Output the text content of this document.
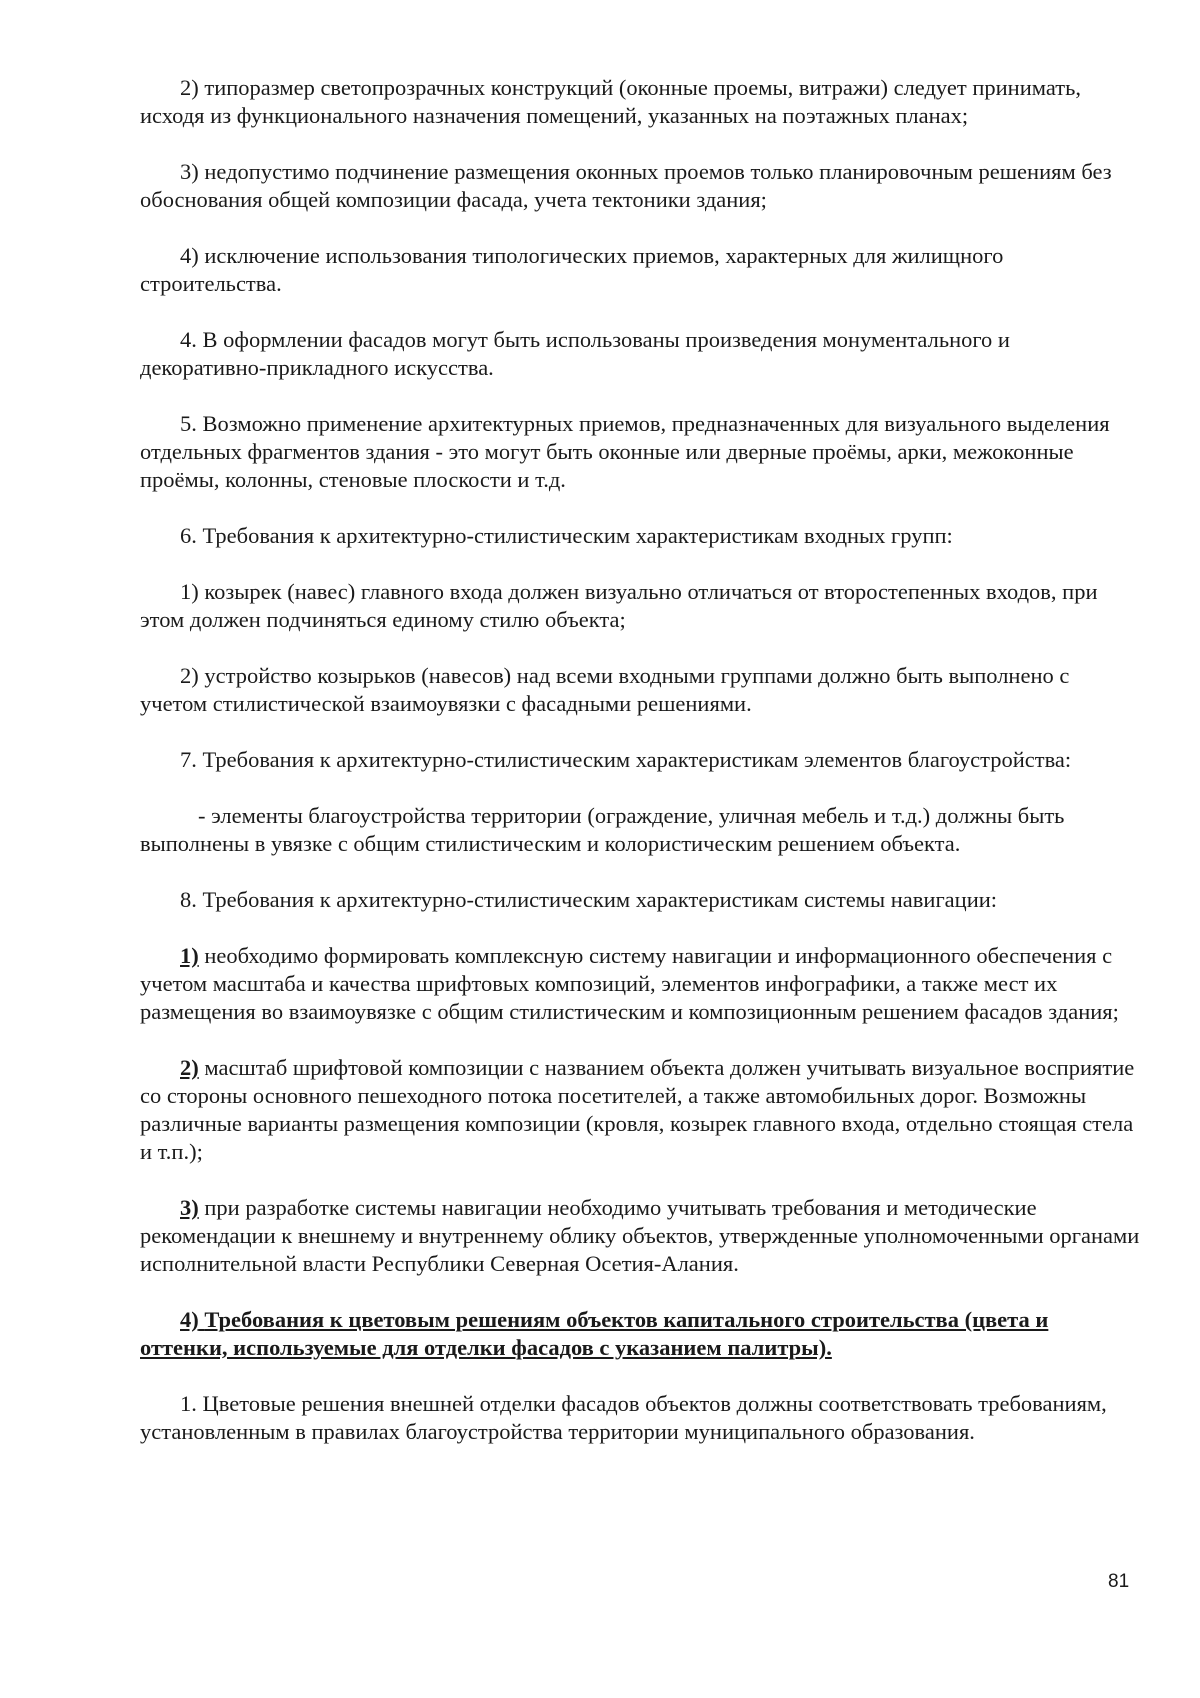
2) типоразмер светопрозрачных конструкций (оконные проемы, витражи) следует принимать, исходя из функционального назначения помещений, указанных на поэтажных планах;

3) недопустимо подчинение размещения оконных проемов только планировочным решениям без обоснования общей композиции фасада, учета тектоники здания;

4) исключение использования типологических приемов, характерных для жилищного строительства.

4. В оформлении фасадов могут быть использованы произведения монументального и декоративно-прикладного искусства.

5. Возможно применение архитектурных приемов, предназначенных для визуального выделения отдельных фрагментов здания - это могут быть оконные или дверные проёмы, арки, межоконные проёмы, колонны, стеновые плоскости и т.д.

6. Требования к архитектурно-стилистическим характеристикам входных групп:

1) козырек (навес) главного входа должен визуально отличаться от второстепенных входов, при этом должен подчиняться единому стилю объекта;

2) устройство козырьков (навесов) над всеми входными группами должно быть выполнено с учетом стилистической взаимоувязки с фасадными решениями.

7. Требования к архитектурно-стилистическим характеристикам элементов благоустройства:

- элементы благоустройства территории (ограждение, уличная мебель и т.д.) должны быть выполнены в увязке с общим стилистическим и колористическим решением объекта.

8. Требования к архитектурно-стилистическим характеристикам системы навигации:

1) необходимо формировать комплексную систему навигации и информационного обеспечения с учетом масштаба и качества шрифтовых композиций, элементов инфографики, а также мест их размещения во взаимоувязке с общим стилистическим и композиционным решением фасадов здания;

2) масштаб шрифтовой композиции с названием объекта должен учитывать визуальное восприятие со стороны основного пешеходного потока посетителей, а также автомобильных дорог. Возможны различные варианты размещения композиции (кровля, козырек главного входа, отдельно стоящая стела и т.п.);

3) при разработке системы навигации необходимо учитывать требования и методические рекомендации к внешнему и внутреннему облику объектов, утвержденные уполномоченными органами исполнительной власти Республики Северная Осетия-Алания.

4) Требования к цветовым решениям объектов капитального строительства (цвета и оттенки, используемые для отделки фасадов с указанием палитры).

1. Цветовые решения внешней отделки фасадов объектов должны соответствовать требованиям, установленным в правилах благоустройства территории муниципального образования.

81
